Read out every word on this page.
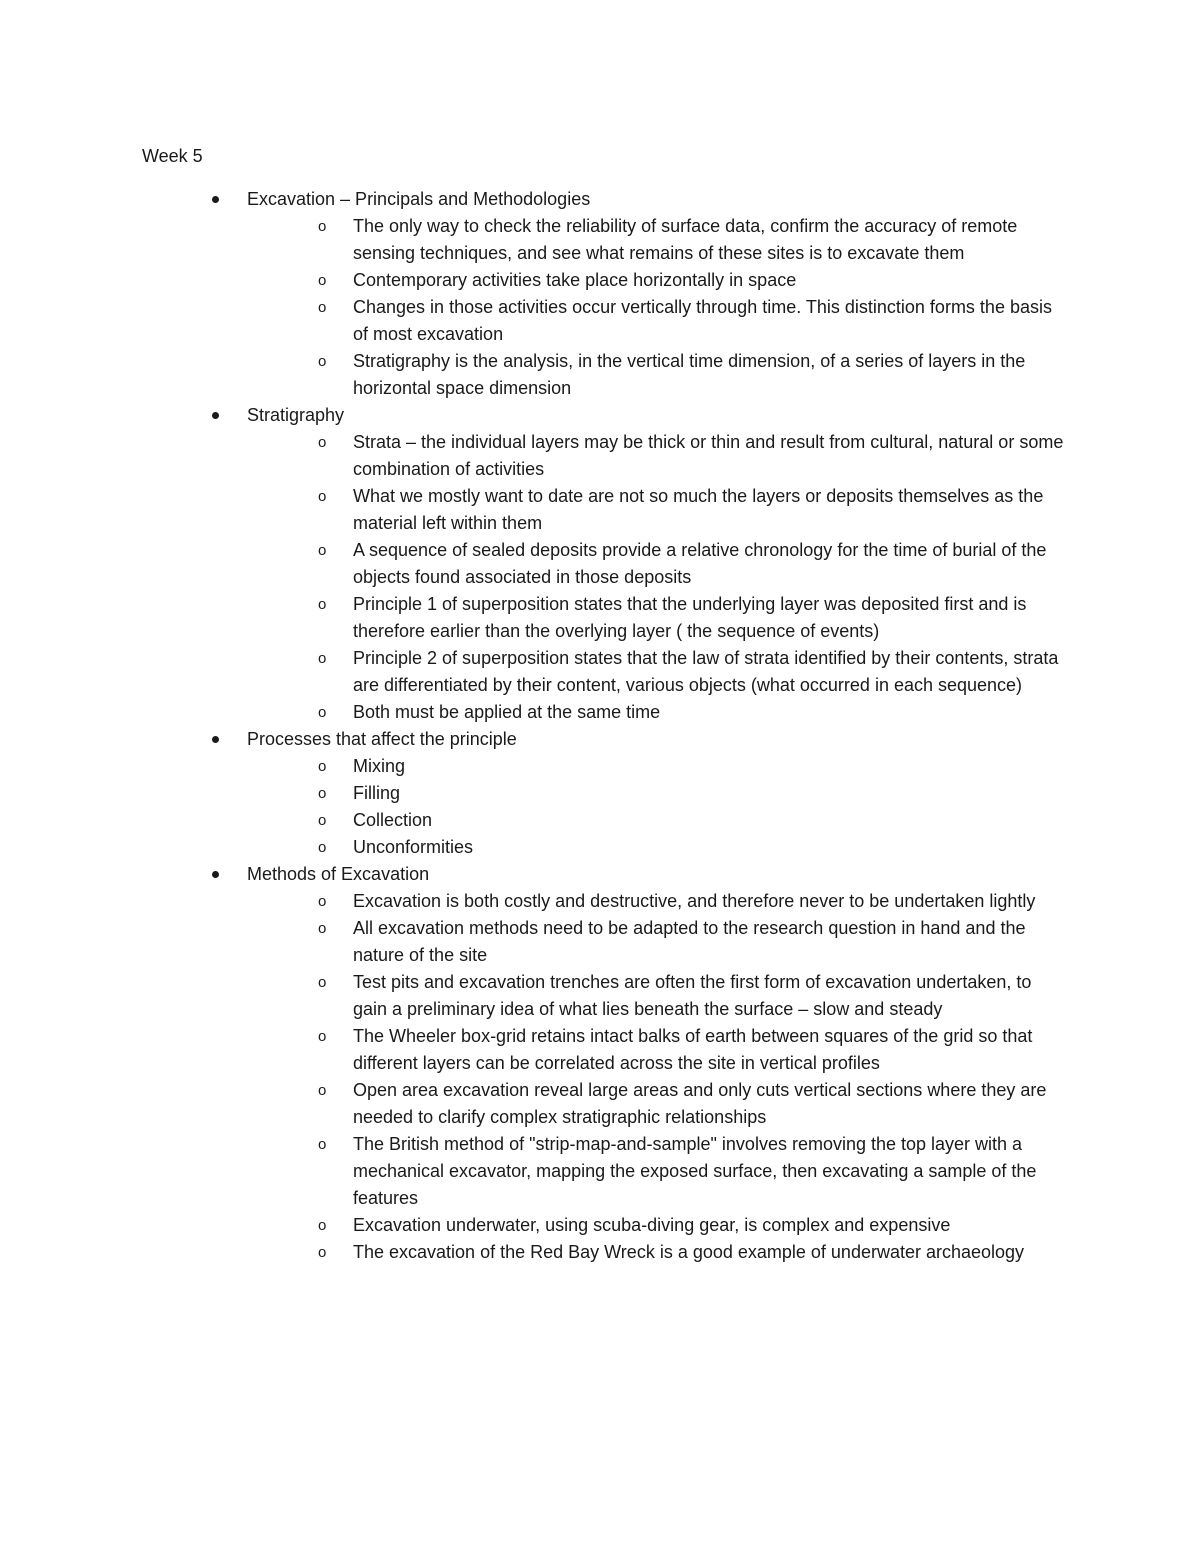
Week 5
Excavation – Principals and Methodologies
o The only way to check the reliability of surface data, confirm the accuracy of remote sensing techniques, and see what remains of these sites is to excavate them
o Contemporary activities take place horizontally in space
o Changes in those activities occur vertically through time. This distinction forms the basis of most excavation
o Stratigraphy is the analysis, in the vertical time dimension, of a series of layers in the horizontal space dimension
Stratigraphy
o Strata – the individual layers may be thick or thin and result from cultural, natural or some combination of activities
o What we mostly want to date are not so much the layers or deposits themselves as the material left within them
o A sequence of sealed deposits provide a relative chronology for the time of burial of the objects found associated in those deposits
o Principle 1 of superposition states that the underlying layer was deposited first and is therefore earlier than the overlying layer ( the sequence of events)
o Principle 2 of superposition states that the law of strata identified by their contents, strata are differentiated by their content, various objects (what occurred in each sequence)
o Both must be applied at the same time
Processes that affect the principle
o Mixing
o Filling
o Collection
o Unconformities
Methods of Excavation
o Excavation is both costly and destructive, and therefore never to be undertaken lightly
o All excavation methods need to be adapted to the research question in hand and the nature of the site
o Test pits and excavation trenches are often the first form of excavation undertaken, to gain a preliminary idea of what lies beneath the surface – slow and steady
o The Wheeler box-grid retains intact balks of earth between squares of the grid so that different layers can be correlated across the site in vertical profiles
o Open area excavation reveal large areas and only cuts vertical sections where they are needed to clarify complex stratigraphic relationships
o The British method of "strip-map-and-sample" involves removing the top layer with a mechanical excavator, mapping the exposed surface, then excavating a sample of the features
o Excavation underwater, using scuba-diving gear, is complex and expensive
o The excavation of the Red Bay Wreck is a good example of underwater archaeology
